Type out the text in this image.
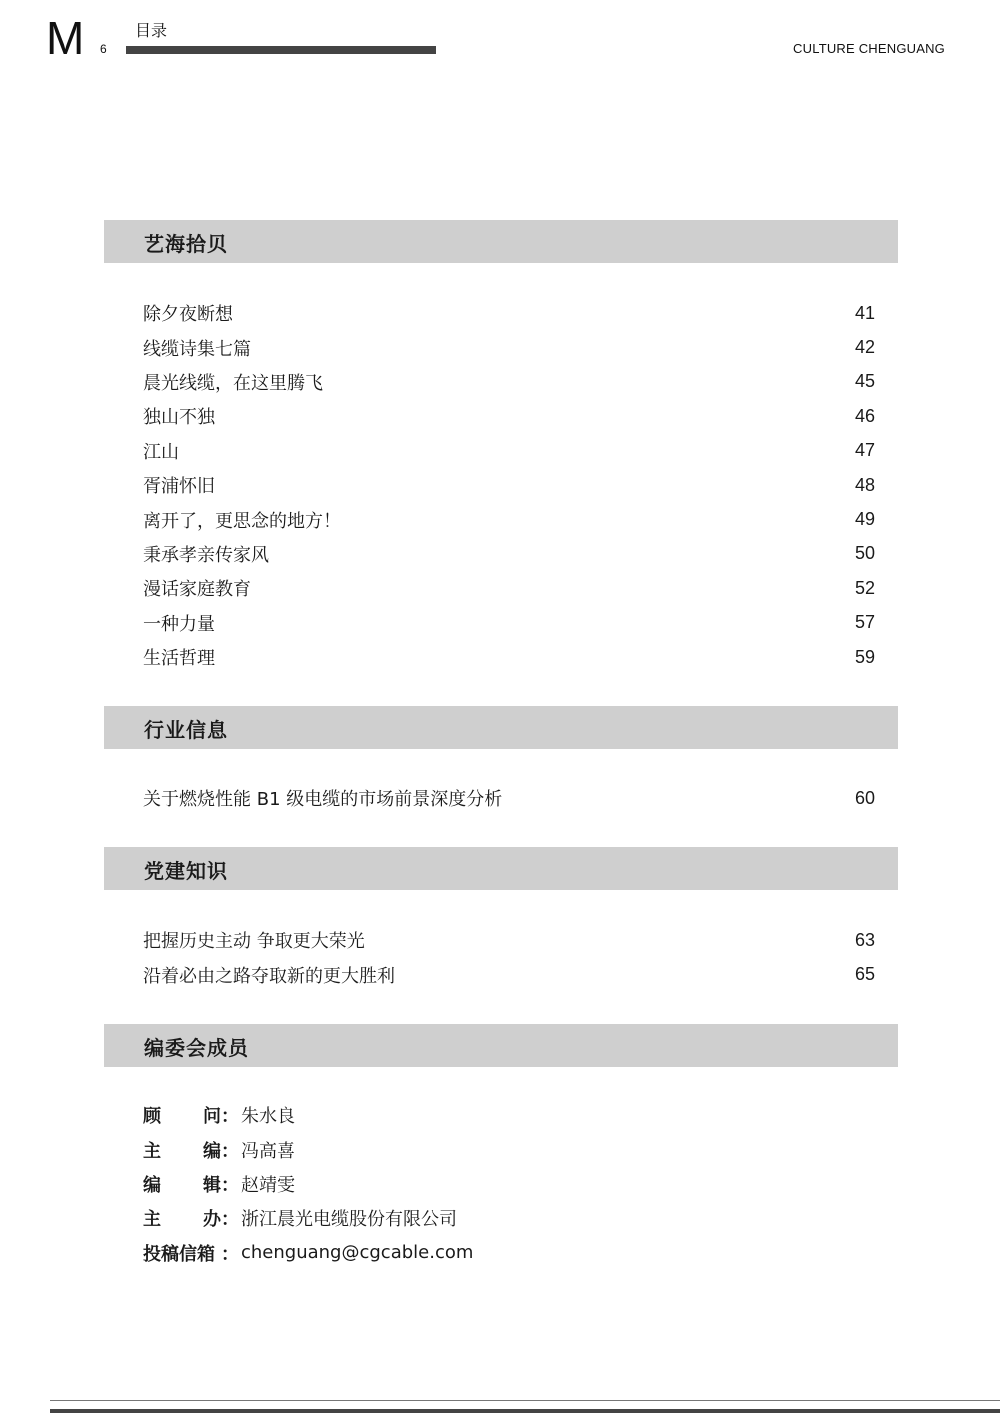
M 6
目录
CULTURE CHENGUANG
艺海拾贝
除夕夜断想	41
线缆诗集七篇	42
晨光线缆，在这里腾飞	45
独山不独	46
江山	47
胥浦怀旧	48
离开了，更思念的地方！	49
秉承孝亲传家风	50
漫话家庭教育	52
一种力量	57
生活哲理	59
行业信息
关于燃烧性能 B1 级电缆的市场前景深度分析	60
党建知识
把握历史主动 争取更大荣光	63
沿着必由之路夺取新的更大胜利	65
编委会成员
顾 问 ： 朱水良
主 编 ： 冯高喜
编 辑 ： 赵靖雯
主 办 ： 浙江晨光电缆股份有限公司
投稿信箱 ： chenguang@cgcable.com
